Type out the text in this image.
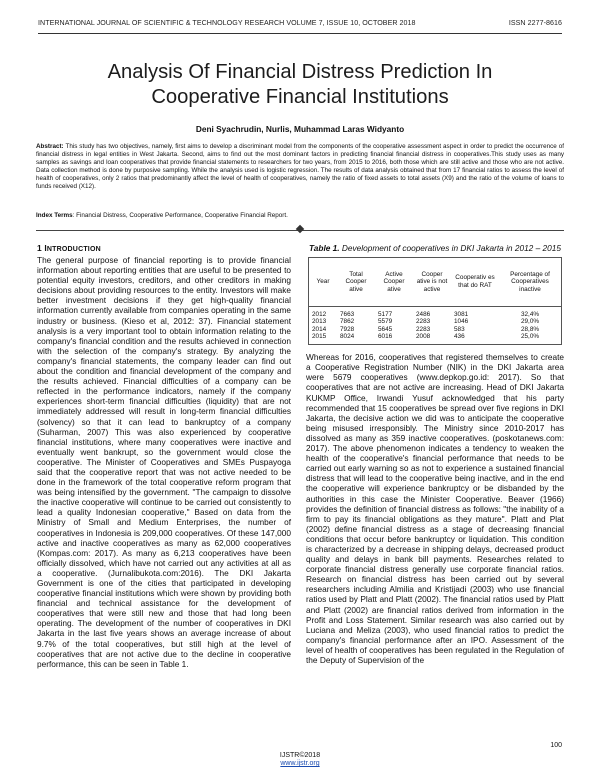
INTERNATIONAL JOURNAL OF SCIENTIFIC & TECHNOLOGY RESEARCH VOLUME 7, ISSUE 10, OCTOBER 2018	ISSN 2277-8616
Analysis Of Financial Distress Prediction In
Cooperative Financial Institutions
Deni Syachrudin, Nurlis, Muhammad Laras Widyanto
Abstract: This study has two objectives, namely, first aims to develop a discriminant model from the components of the cooperative assessment aspect in order to predict the occurrence of financial distress in legal entities in West Jakarta. Second, aims to find out the most dominant factors in predicting financial financial distress in cooperatives.This study uses as many samples as savings and loan cooperatives that provide financial statements to researchers for two years, from 2015 to 2016, both those which are still active and those who are not active. Data collection method is done by purposive sampling. While the analysis used is logistic regression. The results of data analysis obtained that from 17 financial ratios to assess the level of health of cooperatives, only 2 ratios that predominantly affect the level of health of cooperatives, namely the ratio of fixed assets to total assets (X9) and the ratio of the volume of loans to funds received (X12).
Index Terms: Financial Distress, Cooperative Performance, Cooperative Financial Report.
1 INTRODUCTION

The general purpose of financial reporting is to provide financial information about reporting entities that are useful to be presented to potential equity investors, creditors, and other creditors in making decisions about providing resources to the entity. Investors will make better investment decisions if they get high-quality financial information currently available from companies operating in the same industry or business. (Kieso et al, 2012: 37). Financial statement analysis is a very important tool to obtain information relating to the company's financial condition and the results achieved in connection with the selection of the company's strategy. By analyzing the company's financial statements, the company leader can find out about the condition and financial development of the company and the results achieved. Financial difficulties of a company can be reflected in the performance indicators, namely if the company experiences short-term financial difficulties (liquidity) that are not immediately addressed will result in long-term financial difficulties (solvency) so that it can lead to bankruptcy of a company (Suharman, 2007) This was also experienced by cooperative financial institutions, where many cooperatives were inactive and eventually went bankrupt, so the government would close the cooperative. The Minister of Cooperatives and SMEs Puspayoga said that the cooperative report that was not active needed to be done in the framework of the total cooperative reform program that was being intensified by the government. "The campaign to dissolve the inactive cooperative will continue to be carried out consistently to lead a quality Indonesian cooperative," Based on data from the Ministry of Small and Medium Enterprises, the number of cooperatives in Indonesia is 209,000 cooperatives. Of these 147,000 active and inactive cooperatives as many as 62,000 cooperatives (Kompas.com: 2017). As many as 6,213 cooperatives have been officially dissolved, which have not carried out any activities at all as a cooperative. (Jurnalibukota.com:2016). The DKI Jakarta Government is one of the cities that participated in developing cooperative financial institutions which were shown by providing both financial and technical assistance for the development of cooperatives that were still new and those that had long been operating. The development of the number of cooperatives in DKI Jakarta in the last five years shows an average increase of about 9.7% of the total cooperatives, but still high at the level of cooperatives that are not active due to the decline in cooperative performance, this can be seen in Table 1.

Table 1. Development of cooperatives in DKI Jakarta in 2012 – 2015
Year	Total Cooper ative	Active Cooper ative	Cooper ative is not active	Cooperativ es that do RAT	Percentage of Cooperatives inactive
2012	7663	5177	2486	3081	32,4%
2013	7862	5579	2283	1046	29,0%
2014	7928	5645	2283	583	28,8%
2015	8024	6016	2008	436	25,0%

Whereas for 2016, cooperatives that registered themselves to create a Cooperative Registration Number (NIK) in the DKI Jakarta area were 5679 cooperatives (www.depkop.go.id: 2017). So that cooperatives that are not active are increasing. Head of DKI Jakarta KUKMP Office, Irwandi Yusuf acknowledged that his party recommended that 15 cooperatives be spread over five regions in DKI Jakarta, the decisive action we did was to anticipate the cooperative being misused irresponsibly. The Ministry since 2010-2017 has dissolved as many as 359 inactive cooperatives. (poskotanews.com: 2017). The above phenomenon indicates a tendency to weaken the health of the cooperative's financial performance that needs to be carried out early warning so as not to experience a sustained financial distress that will lead to the cooperative being inactive, and in the end the cooperative will experience bankruptcy or be disbanded by the authorities in this case the Minister Cooperative. Beaver (1966) provides the definition of financial distress as follows: "the inability of a firm to pay its financial obligations as they mature". Platt and Plat (2002) define financial distress as a stage of decreasing financial conditions that occur before bankruptcy or liquidation. This condition is characterized by a decrease in shipping delays, decreased product quality and delays in bank bill payments. Researches related to corporate financial distress generally use corporate financial ratios. Research on financial distress has been carried out by several researchers including Almilia and Kristijadi (2003) who use financial ratios used by Platt and Platt (2002). The financial ratios used by Platt and Platt (2002) are financial ratios derived from information in the Profit and Loss Statement. Similar research was also carried out by Luciana and Meliza (2003), who used financial ratios to predict the company's financial performance after an IPO. Assessment of the level of health of cooperatives has been regulated in the Regulation of the Deputy of Supervision of the

100
IJSTR©2018
www.ijstr.org
